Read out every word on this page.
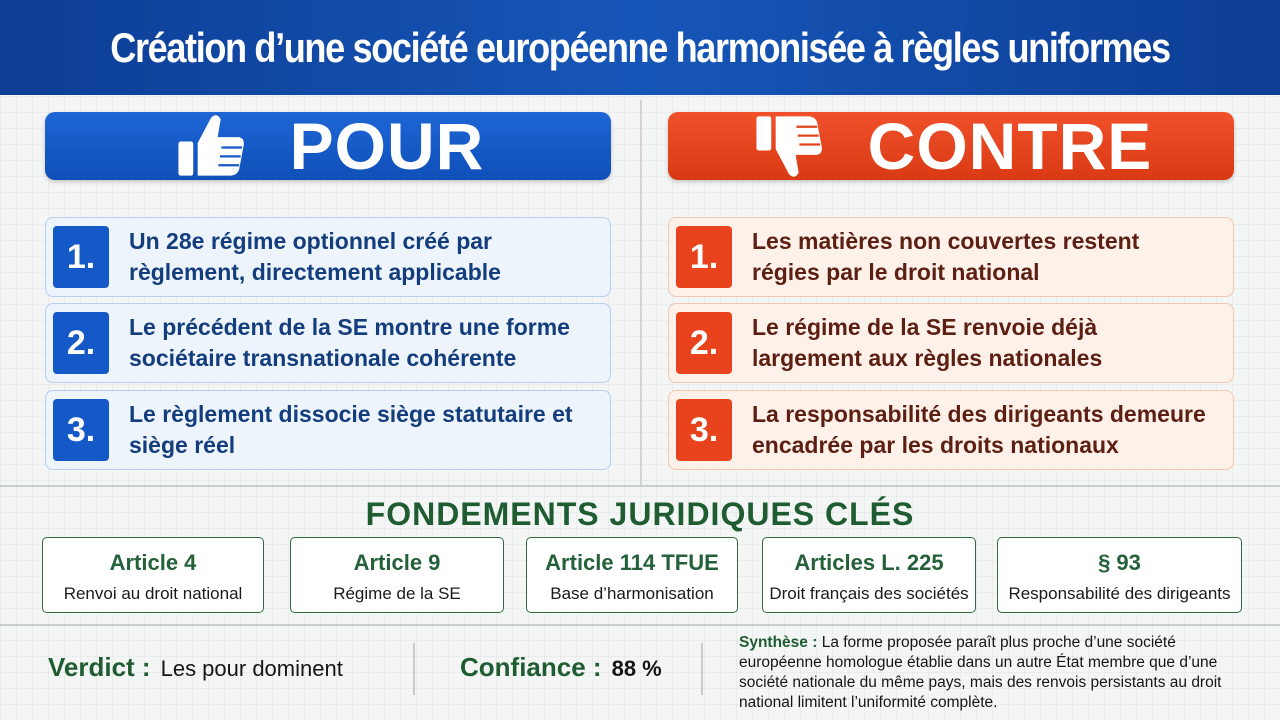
Création d’une société européenne harmonisée à règles uniformes
POUR
1.	Un 28e régime optionnel créé par règlement, directement applicable
2.	Le précédent de la SE montre une forme sociétaire transnationale cohérente
3.	Le règlement dissocie siège statutaire et siège réel
CONTRE
1.	Les matières non couvertes restent régies par le droit national
2.	Le régime de la SE renvoie déjà largement aux règles nationales
3.	La responsabilité des dirigeants demeure encadrée par les droits nationaux
FONDEMENTS JURIDIQUES CLÉS
Article 4
Renvoi au droit national
Article 9
Régime de la SE
Article 114 TFUE
Base d’harmonisation
Articles L. 225
Droit français des sociétés
§ 93
Responsabilité des dirigeants
Verdict : Les pour dominent	Confiance : 88 %
Synthèse : La forme proposée paraît plus proche d’une société européenne homologue établie dans un autre État membre que d’une société nationale du même pays, mais des renvois persistants au droit national limitent l’uniformité complète.
